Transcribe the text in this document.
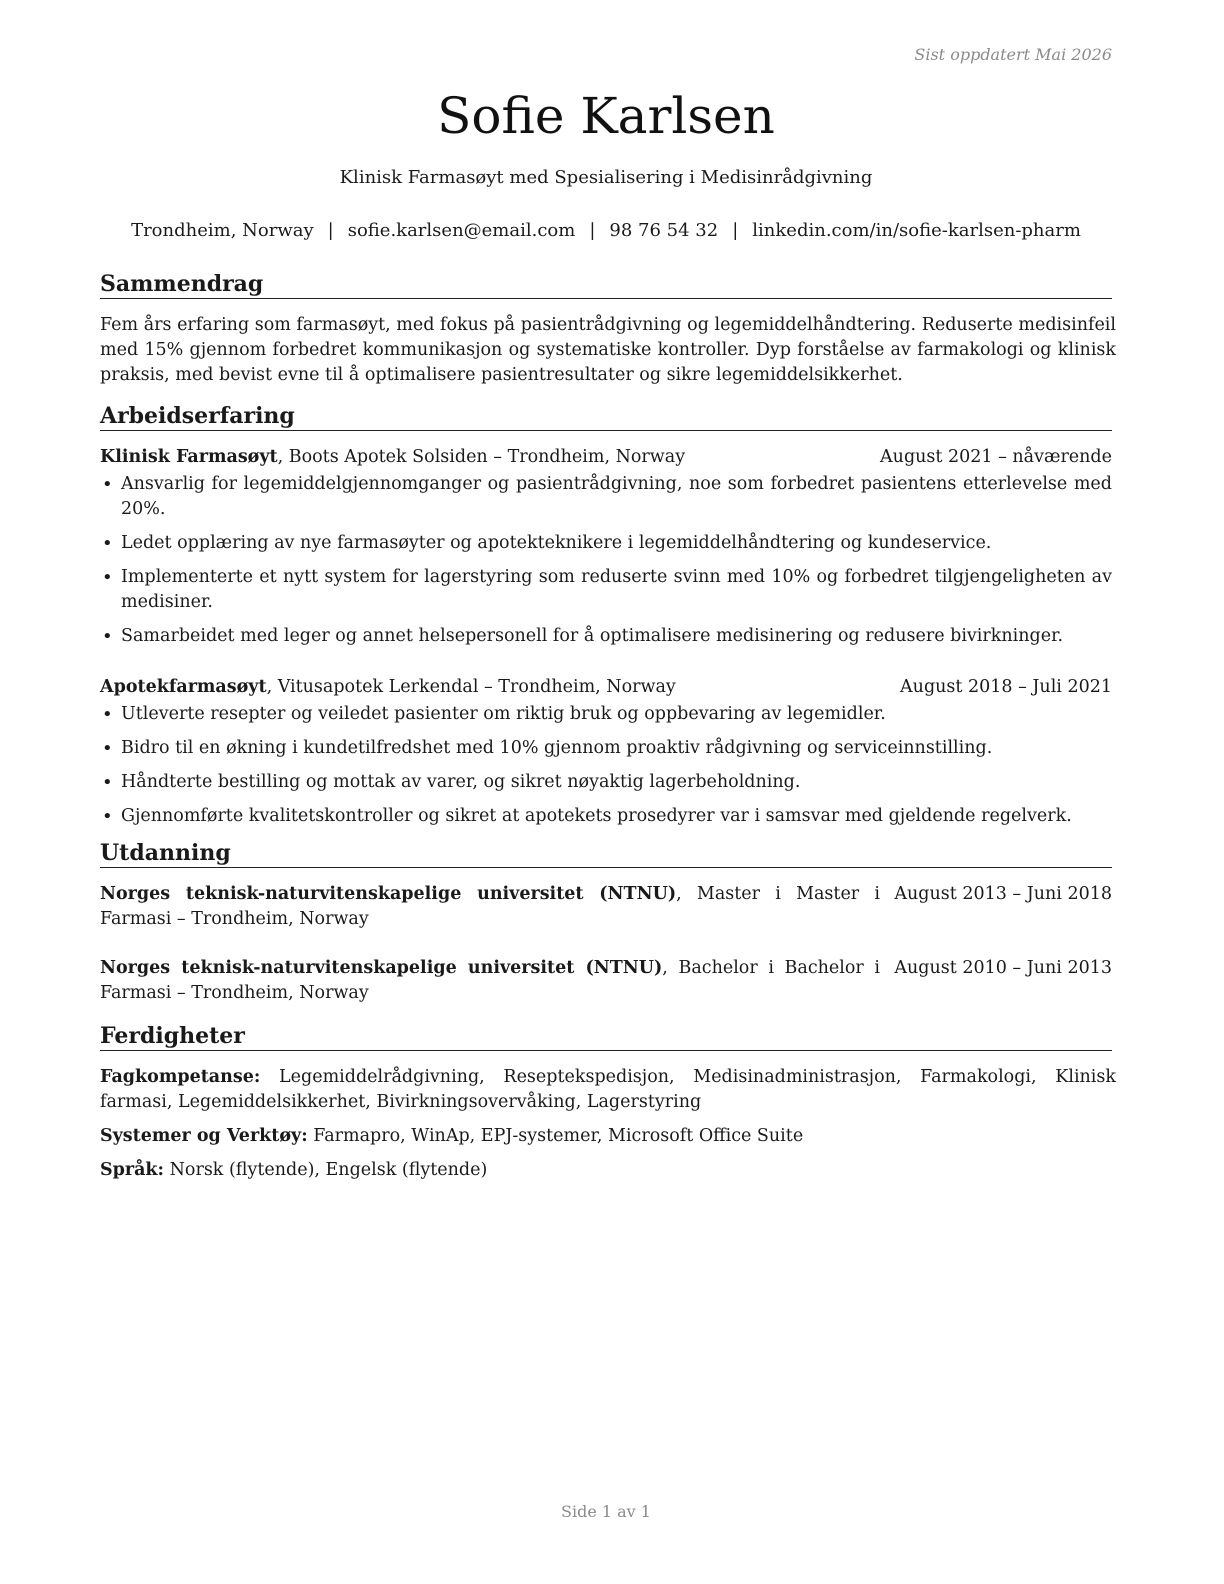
Sist oppdatert Mai 2026
Sofie Karlsen
Klinisk Farmasøyt med Spesialisering i Medisinrådgivning
Trondheim, Norway | sofie.karlsen@email.com | 98 76 54 32 | linkedin.com/in/sofie-karlsen-pharm
Sammendrag

Fem års erfaring som farmasøyt, med fokus på pasientrådgivning og legemiddelhåndtering. Reduserte medisinfeil med 15% gjennom forbedret kommunikasjon og systematiske kontroller. Dyp forståelse av farmakologi og klinisk praksis, med bevist evne til å optimalisere pasientresultater og sikre legemiddelsikkerhet.

Arbeidserfaring
Klinisk Farmasøyt, Boots Apotek Solsiden – Trondheim, Norway	August 2021 – nåværende
• Ansvarlig for legemiddelgjennomganger og pasientrådgivning, noe som forbedret pasientens etterlevelse med 20%.
• Ledet opplæring av nye farmasøyter og apotekteknikere i legemiddelhåndtering og kundeservice.
• Implementerte et nytt system for lagerstyring som reduserte svinn med 10% og forbedret tilgjengeligheten av medisiner.
• Samarbeidet med leger og annet helsepersonell for å optimalisere medisinering og redusere bivirkninger.
Apotekfarmasøyt, Vitusapotek Lerkendal – Trondheim, Norway	August 2018 – Juli 2021
• Utleverte resepter og veiledet pasienter om riktig bruk og oppbevaring av legemidler.
• Bidro til en økning i kundetilfredshet med 10% gjennom proaktiv rådgivning og serviceinnstilling.
• Håndterte bestilling og mottak av varer, og sikret nøyaktig lagerbeholdning.
• Gjennomførte kvalitetskontroller og sikret at apotekets prosedyrer var i samsvar med gjeldende regelverk.
Utdanning
Norges teknisk-naturvitenskapelige universitet (NTNU), Master i Master i Farmasi – Trondheim, Norway
August 2013 – Juni 2018
Norges teknisk-naturvitenskapelige universitet (NTNU), Bachelor i Bachelor i Farmasi – Trondheim, Norway
August 2010 – Juni 2013
Ferdigheter
Fagkompetanse: Legemiddelrådgivning, Reseptekspedisjon, Medisinadministrasjon, Farmakologi, Klinisk farmasi, Legemiddelsikkerhet, Bivirkningsovervåking, Lagerstyring
Systemer og Verktøy: Farmapro, WinAp, EPJ-systemer, Microsoft Office Suite
Språk: Norsk (flytende), Engelsk (flytende)
Side 1 av 1
